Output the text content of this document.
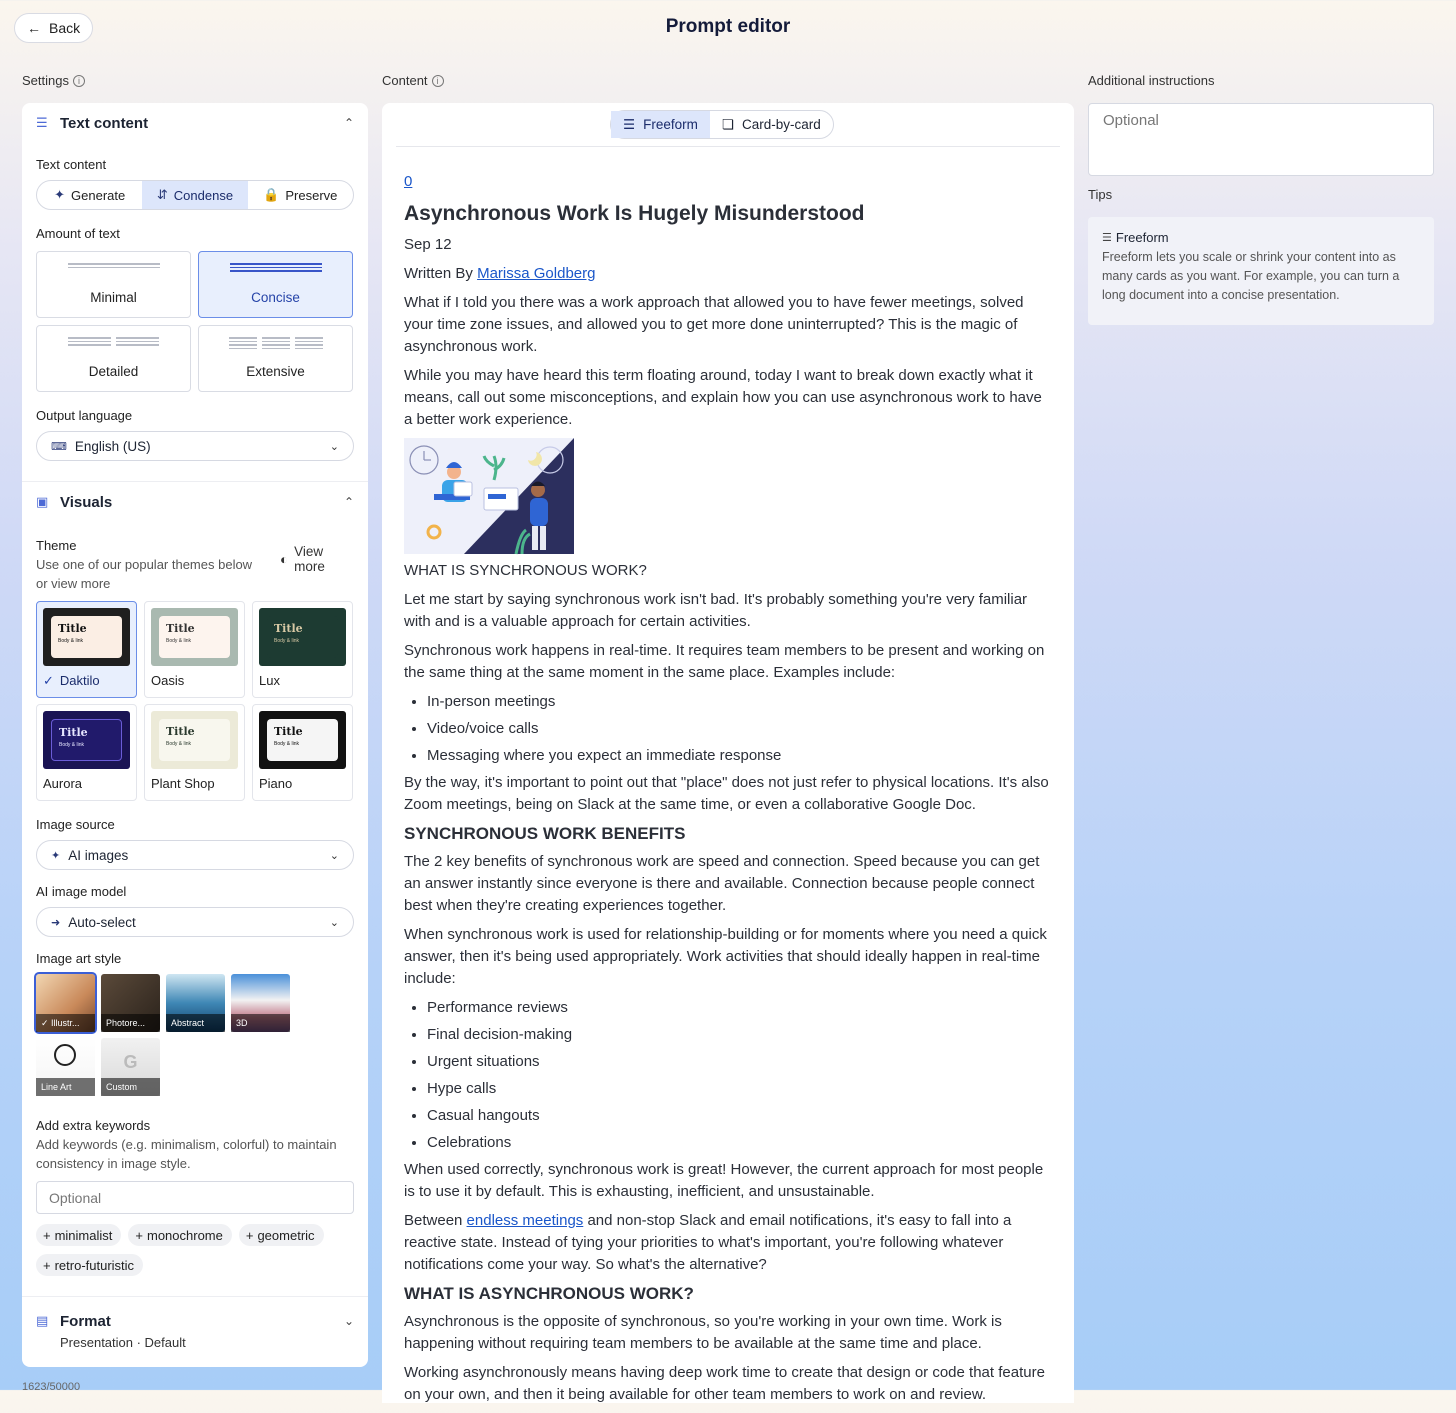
← Back	Prompt editor
Settings	i	Content	i	Additional instructions
☰ Text content	⌃
Text content
✦ Generate ⇵ Condense 🔒 Preserve
Amount of text
Minimal	Concise
Detailed	Extensive
Output language
⌨ English (US)	⌄
▣ Visuals	⌃
Theme
Use one of our popular themes below or view more
◐ View more
Title
Body & link
✓ Daktilo
Title
Body & link
Oasis
Title
Body & link
Lux
Title
Body & link
Aurora
Title
Body & link
Plant Shop
Title
Body & link
Piano
Image source
✦ AI images	⌄
AI image model
➜ Auto-select	⌄
Image art style
✓ Illustr...	Photore...	Abstract	3D
Line Art
G
Custom
Add extra keywords
Add keywords (e.g. minimalism, colorful) to maintain consistency in image style.
Optional
+ minimalist + monochrome + geometric
+ retro-futuristic
▤ Format	⌄
Presentation · Default
1623/50000
☰ Freeform ❏ Card-by-card

0

Asynchronous Work Is Hugely Misunderstood

Sep 12

Written By Marissa Goldberg

What if I told you there was a work approach that allowed you to have fewer meetings, solved your time zone issues, and allowed you to get more done uninterrupted? This is the magic of asynchronous work.

While you may have heard this term floating around, today I want to break down exactly what it means, call out some misconceptions, and explain how you can use asynchronous work to have a better work experience.

WHAT IS SYNCHRONOUS WORK?

Let me start by saying synchronous work isn't bad. It's probably something you're very familiar with and is a valuable approach for certain activities.

Synchronous work happens in real-time. It requires team members to be present and working on the same thing at the same moment in the same place. Examples include:

• In-person meetings
• Video/voice calls
• Messaging where you expect an immediate response

By the way, it's important to point out that "place" does not just refer to physical locations. It's also Zoom meetings, being on Slack at the same time, or even a collaborative Google Doc.

SYNCHRONOUS WORK BENEFITS

The 2 key benefits of synchronous work are speed and connection. Speed because you can get an answer instantly since everyone is there and available. Connection because people connect best when they're creating experiences together.

When synchronous work is used for relationship-building or for moments where you need a quick answer, then it's being used appropriately. Work activities that should ideally happen in real-time include:

• Performance reviews
• Final decision-making
• Urgent situations
• Hype calls
• Casual hangouts
• Celebrations

When used correctly, synchronous work is great! However, the current approach for most people is to use it by default. This is exhausting, inefficient, and unsustainable.

Between endless meetings and non-stop Slack and email notifications, it's easy to fall into a reactive state. Instead of tying your priorities to what's important, you're following whatever notifications come your way. So what's the alternative?

WHAT IS ASYNCHRONOUS WORK?

Asynchronous is the opposite of synchronous, so you're working in your own time. Work is happening without requiring team members to be available at the same time and place.

Working asynchronously means having deep work time to create that design or code that feature on your own, and then it being available for other team members to work on and review.

Optional
Tips
☰ Freeform
Freeform lets you scale or shrink your content into as many cards as you want. For example, you can turn a long document into a concise presentation.
